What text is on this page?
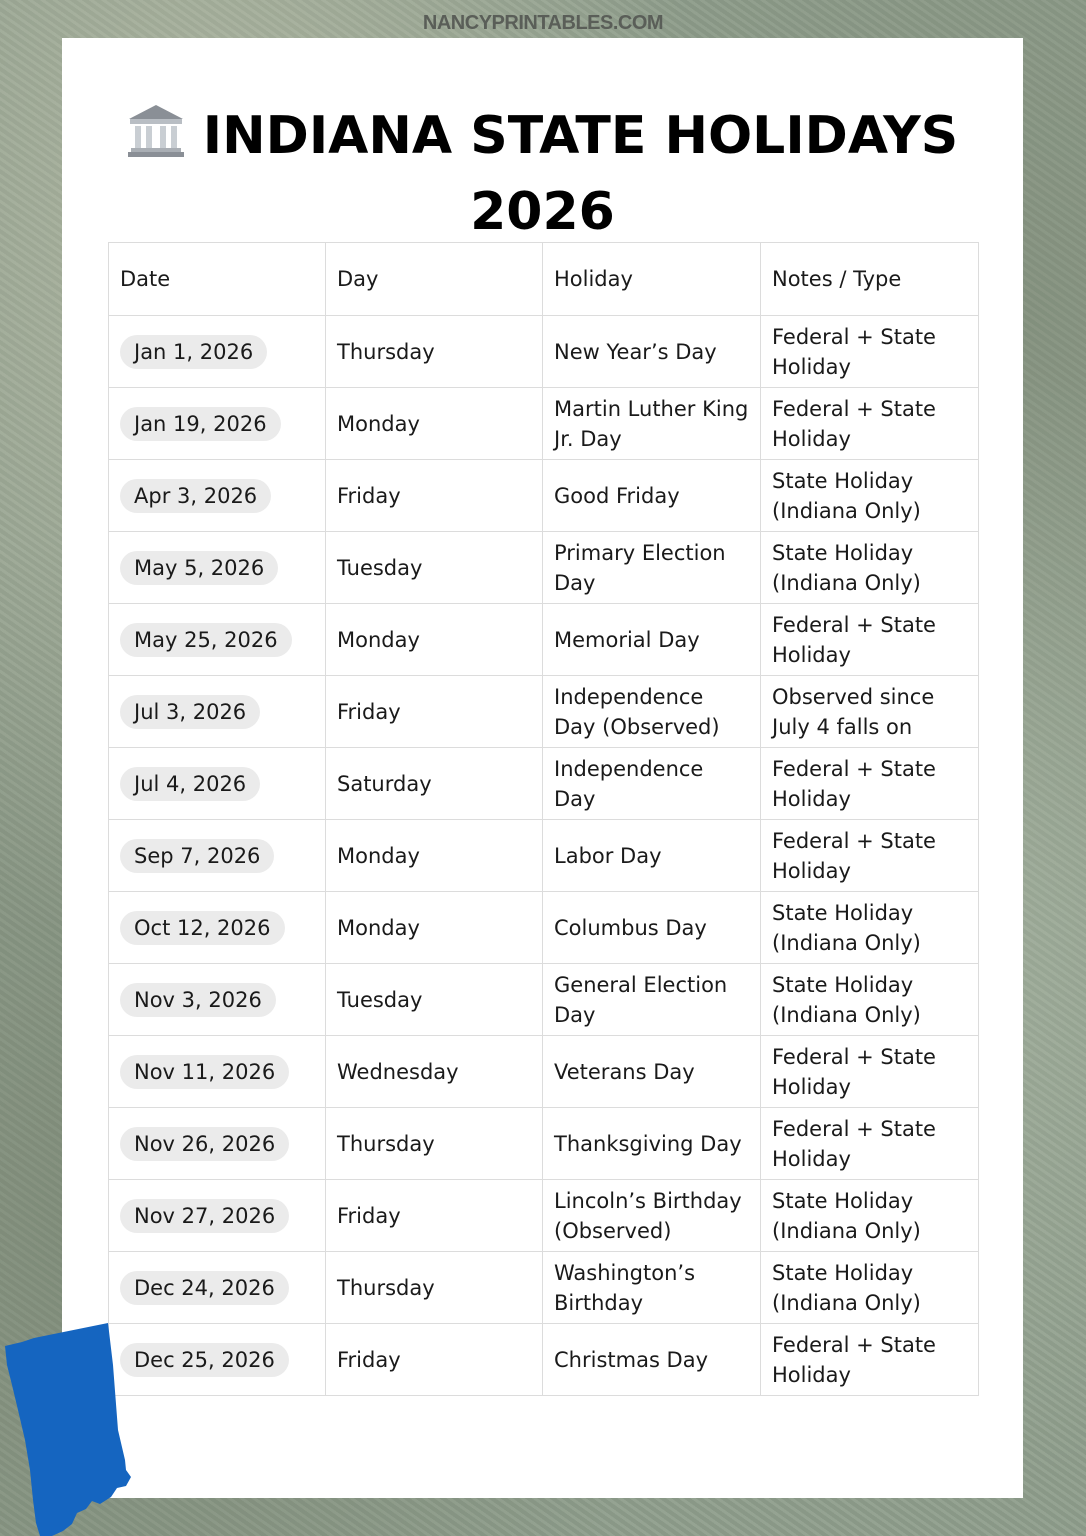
NANCYPRINTABLES.COM
INDIANA STATE HOLIDAYS
2026
Date	Day	Holiday	Notes / Type
Jan 1, 2026	Thursday	New Year’s Day	Federal + State Holiday
Jan 19, 2026	Monday	Martin Luther King Jr. Day	Federal + State Holiday
Apr 3, 2026	Friday	Good Friday	State Holiday (Indiana Only)
May 5, 2026	Tuesday	Primary Election Day	State Holiday (Indiana Only)
May 25, 2026	Monday	Memorial Day	Federal + State Holiday
Jul 3, 2026	Friday	Independence Day (Observed)	Observed since July 4 falls on
Jul 4, 2026	Saturday	Independence Day	Federal + State Holiday
Sep 7, 2026	Monday	Labor Day	Federal + State Holiday
Oct 12, 2026	Monday	Columbus Day	State Holiday (Indiana Only)
Nov 3, 2026	Tuesday	General Election Day	State Holiday (Indiana Only)
Nov 11, 2026	Wednesday	Veterans Day	Federal + State Holiday
Nov 26, 2026	Thursday	Thanksgiving Day	Federal + State Holiday
Nov 27, 2026	Friday	Lincoln’s Birthday (Observed)	State Holiday (Indiana Only)
Dec 24, 2026	Thursday	Washington’s Birthday	State Holiday (Indiana Only)
Dec 25, 2026	Friday	Christmas Day	Federal + State Holiday
